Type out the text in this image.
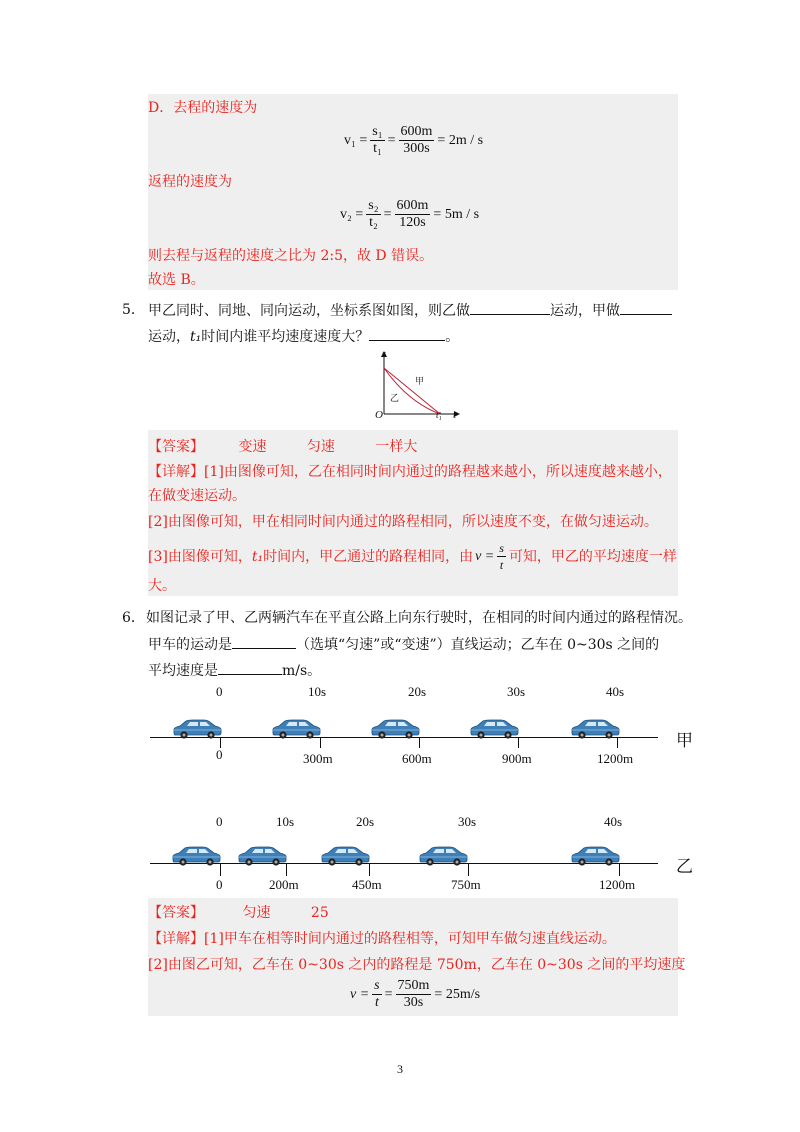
D．去程的速度为
$v_1 = \frac{\text{s₁}}{\text{t₁}} = \frac{600m}{300s} = 2m / s$
返程的速度为
$v_2 = \frac{\text{s₂}}{\text{t₂}} = \frac{600m}{120s} = 5m / s$
则去程与返程的速度之比为 2:5，故 D 错误。
故选 B。
5． 甲乙同时、同地、同向运动，坐标系图如图，则乙做	运动，甲做
运动，t₁时间内谁平均速度速度大？	。
s
t
O	t₁
甲
乙
【答案】 变速	匀速	一样大
【详解】[1]由图像可知，乙在相同时间内通过的路程越来越小，所以速度越来越小，
在做变速运动。
[2]由图像可知，甲在相同时间内通过的路程相同，所以速度不变，在做匀速运动。
[3]由图像可知， t₁ 时间内，甲乙通过的路程相同，由 $v = \frac{s}{t}$ 可知，甲乙的平均速度一样
大。
6． 如图记录了甲、乙两辆汽车在平直公路上向东行驶时，在相同的时间内通过的路程情况。
甲车的运动是	（选填“匀速”或“变速”）直线运动；乙车在 0~30s 之间的
平均速度是	m/s。
0	10s	20s	30s	40s
0	300m	600m	900m	1200m
甲
0	10s	20s	30s	40s
0	200m	450m	750m	1200m
乙
【答案】	匀速	25
【详解】[1]甲车在相等时间内通过的路程相等，可知甲车做匀速直线运动。
[2]由图乙可知，乙车在 0~30s 之内的路程是 750m，乙车在 0~30s 之间的平均速度
$v = \frac{s}{t} = \frac{750m}{30s} = 25m/s$
3
